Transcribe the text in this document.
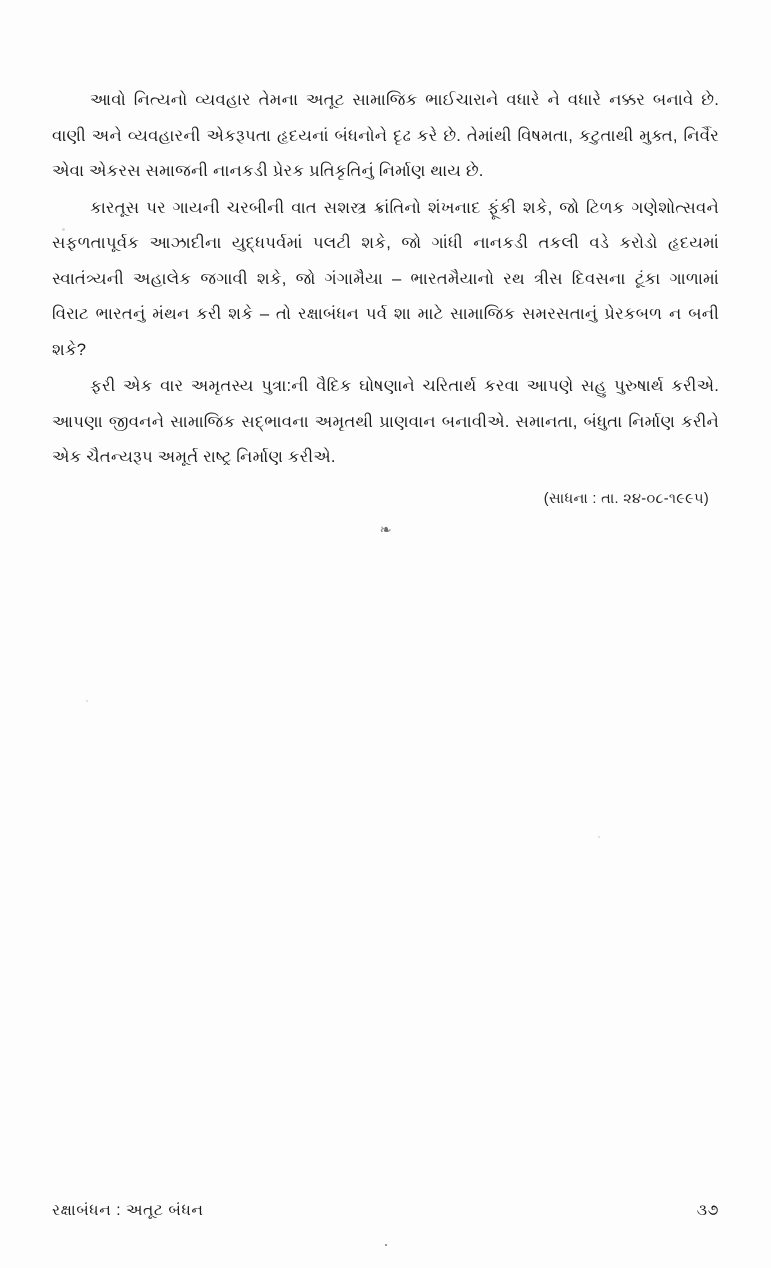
આવો નિત્યનો વ્યવહાર તેમના અતૂટ સામાજિક ભાઈચારાને વધારે ને વધારે નક્કર બનાવે છે. વાણી અને વ્યવહારની એકરૂપતા હૃદયનાં બંધનોને દૃઢ કરે છે. તેમાંથી વિષમતા, કટુતાથી મુક્ત, નિર્વૈર એવા એકરસ સમાજની નાનકડી પ્રેરક પ્રતિકૃતિનું નિર્માણ થાય છે.

કારતૂસ પર ગાયની ચરબીની વાત સશસ્ત્ર ક્રાંતિનો શંખનાદ ફૂંકી શકે, જો ટિળક ગણેશોત્સવને સફળતાપૂર્વક આઝાદીના યુદ્ધપર્વમાં પલટી શકે, જો ગાંધી નાનકડી તકલી વડે કરોડો હૃદયમાં સ્વાતંત્ર્યની અહાલેક જગાવી શકે, જો ગંગામૈયા – ભારતમૈયાનો રથ ત્રીસ દિવસના ટૂંકા ગાળામાં વિરાટ ભારતનું મંથન કરી શકે – તો રક્ષાબંધન પર્વ શા માટે સામાજિક સમરસતાનું પ્રેરકબળ ન બની શકે?

ફરી એક વાર અમૃતસ્ય પુત્રા:ની વૈદિક ઘોષણાને ચરિતાર્થ કરવા આપણે સહુ પુરુષાર્થ કરીએ. આપણા જીવનને સામાજિક સદ્‌ભાવના અમૃતથી પ્રાણવાન બનાવીએ. સમાનતા, બંધુતા નિર્માણ કરીને એક ચૈતન્યરૂપ અમૂર્ત રાષ્ટ્ર નિર્માણ કરીએ.

(સાધના : તા. ૨૪-૦૮-૧૯૯૫)
❧
રક્ષાબંધન : અતૂટ બંધન	૩૭
